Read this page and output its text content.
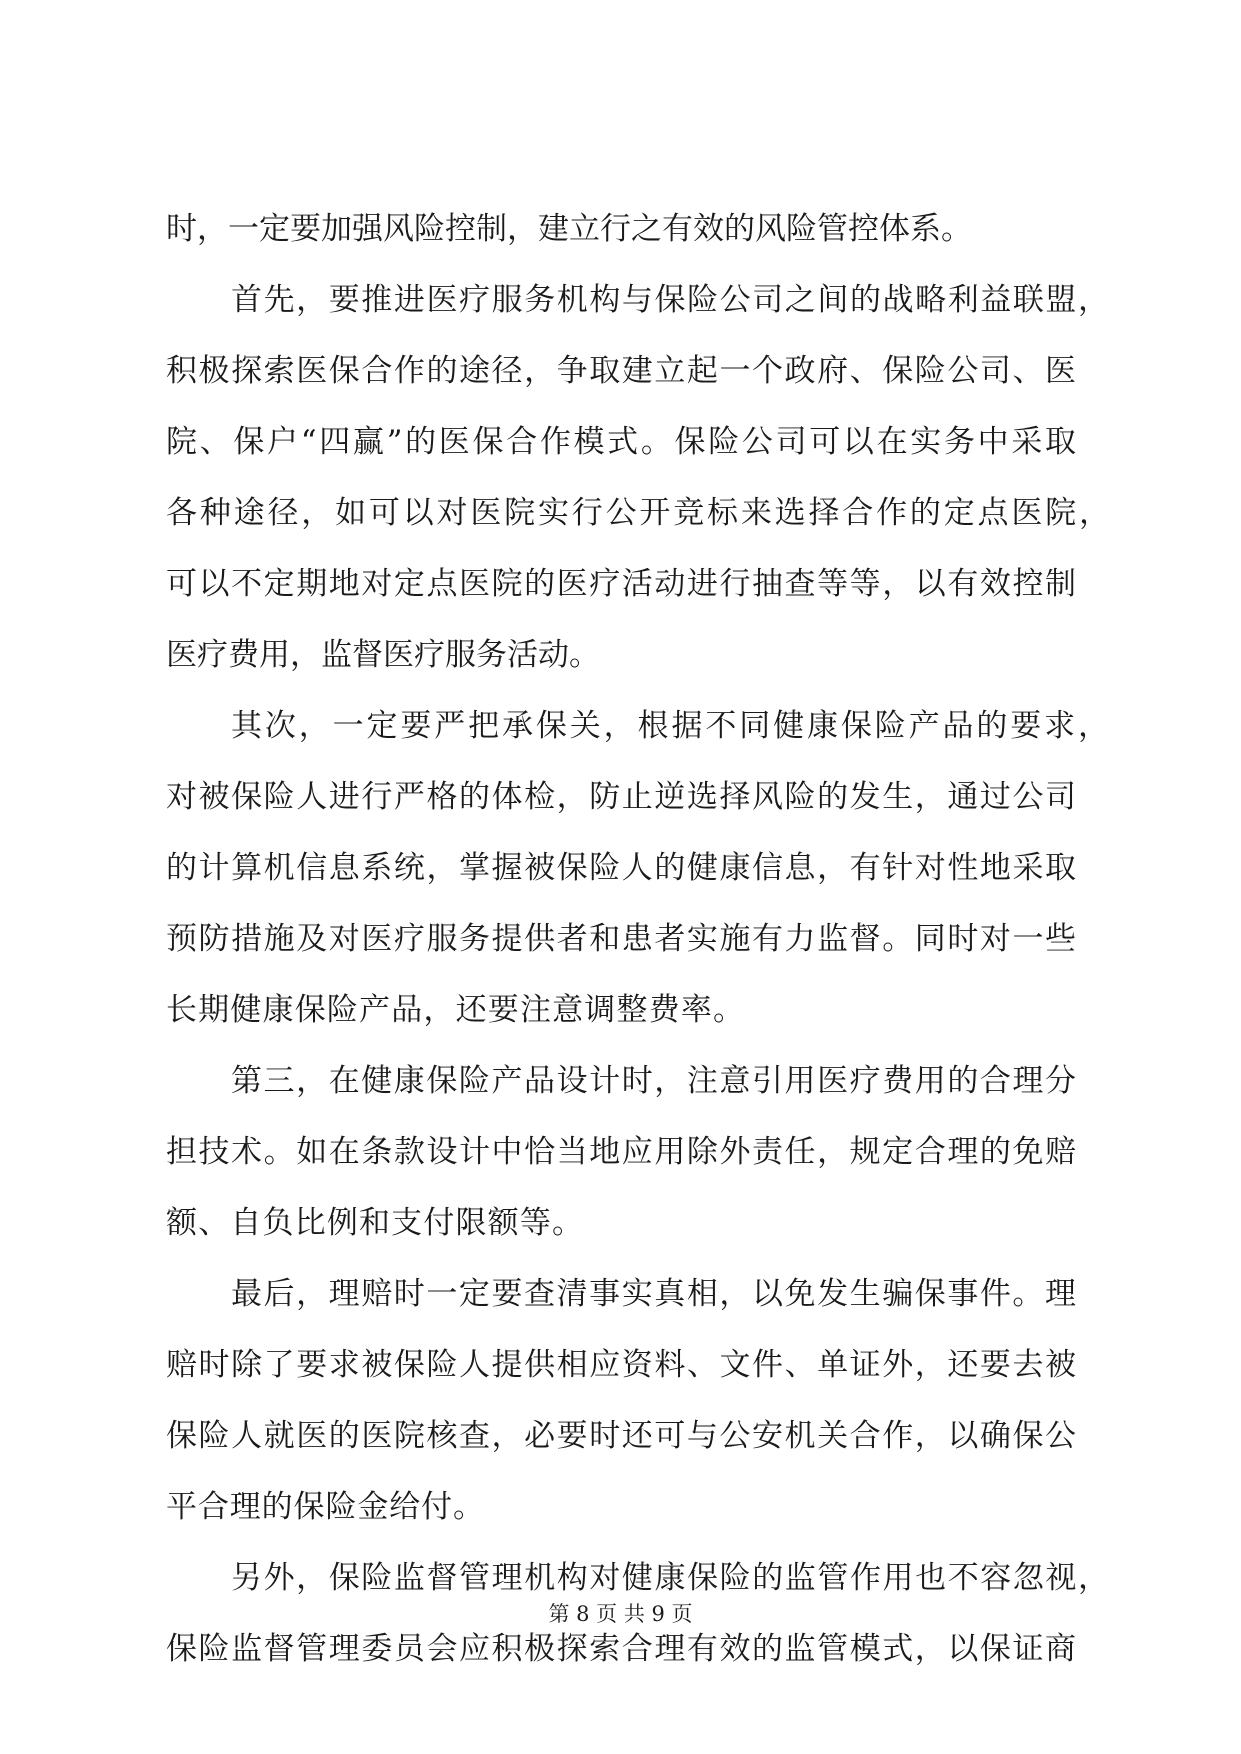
时，一定要加强风险控制，建立行之有效的风险管控体系。
首先，要推进医疗服务机构与保险公司之间的战略利益联盟，
积极探索医保合作的途径，争取建立起一个政府、保险公司、医
院、保户“四赢”的医保合作模式。保险公司可以在实务中采取
各种途径，如可以对医院实行公开竞标来选择合作的定点医院，
可以不定期地对定点医院的医疗活动进行抽查等等，以有效控制
医疗费用，监督医疗服务活动。
其次，一定要严把承保关，根据不同健康保险产品的要求，
对被保险人进行严格的体检，防止逆选择风险的发生，通过公司
的计算机信息系统，掌握被保险人的健康信息，有针对性地采取
预防措施及对医疗服务提供者和患者实施有力监督。同时对一些
长期健康保险产品，还要注意调整费率。
第三，在健康保险产品设计时，注意引用医疗费用的合理分
担技术。如在条款设计中恰当地应用除外责任，规定合理的免赔
额、自负比例和支付限额等。
最后，理赔时一定要查清事实真相，以免发生骗保事件。理
赔时除了要求被保险人提供相应资料、文件、单证外，还要去被
保险人就医的医院核查，必要时还可与公安机关合作，以确保公
平合理的保险金给付。
另外，保险监督管理机构对健康保险的监管作用也不容忽视，
保险监督管理委员会应积极探索合理有效的监管模式，以保证商
第 8 页 共 9 页
